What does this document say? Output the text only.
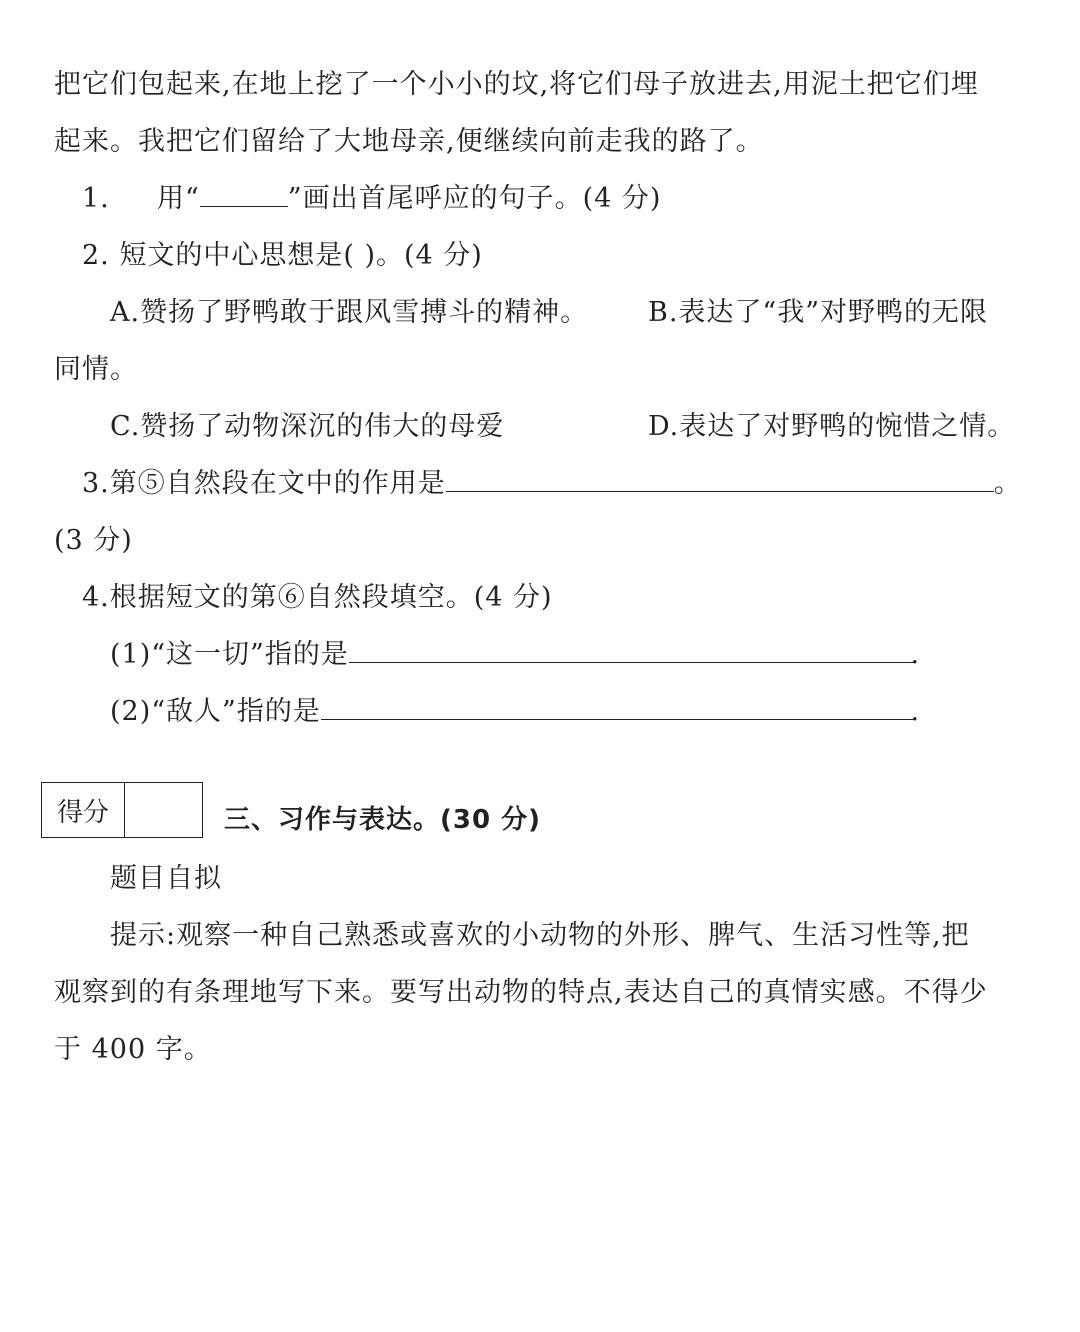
把它们包起来,在地上挖了一个小小的坟,将它们母子放进去,用泥土把它们埋
起来。我把它们留给了大地母亲,便继续向前走我的路了。
1. 用“	”画出首尾呼应的句子。(4 分)
2. 短文的中心思想是( )。(4 分)
A.赞扬了野鸭敢于跟风雪搏斗的精神。 B.表达了“我”对野鸭的无限
同情。
C.赞扬了动物深沉的伟大的母爱	D.表达了对野鸭的惋惜之情。
3.第⑤自然段在文中的作用是	。
(3 分)
4.根据短文的第⑥自然段填空。(4 分)
(1)“这一切”指的是	.
(2)“敌人”指的是	.
得分	三、习作与表达。(30 分)
题目自拟
提示:观察一种自己熟悉或喜欢的小动物的外形、脾气、生活习性等,把
观察到的有条理地写下来。要写出动物的特点,表达自己的真情实感。不得少
于 400 字。
